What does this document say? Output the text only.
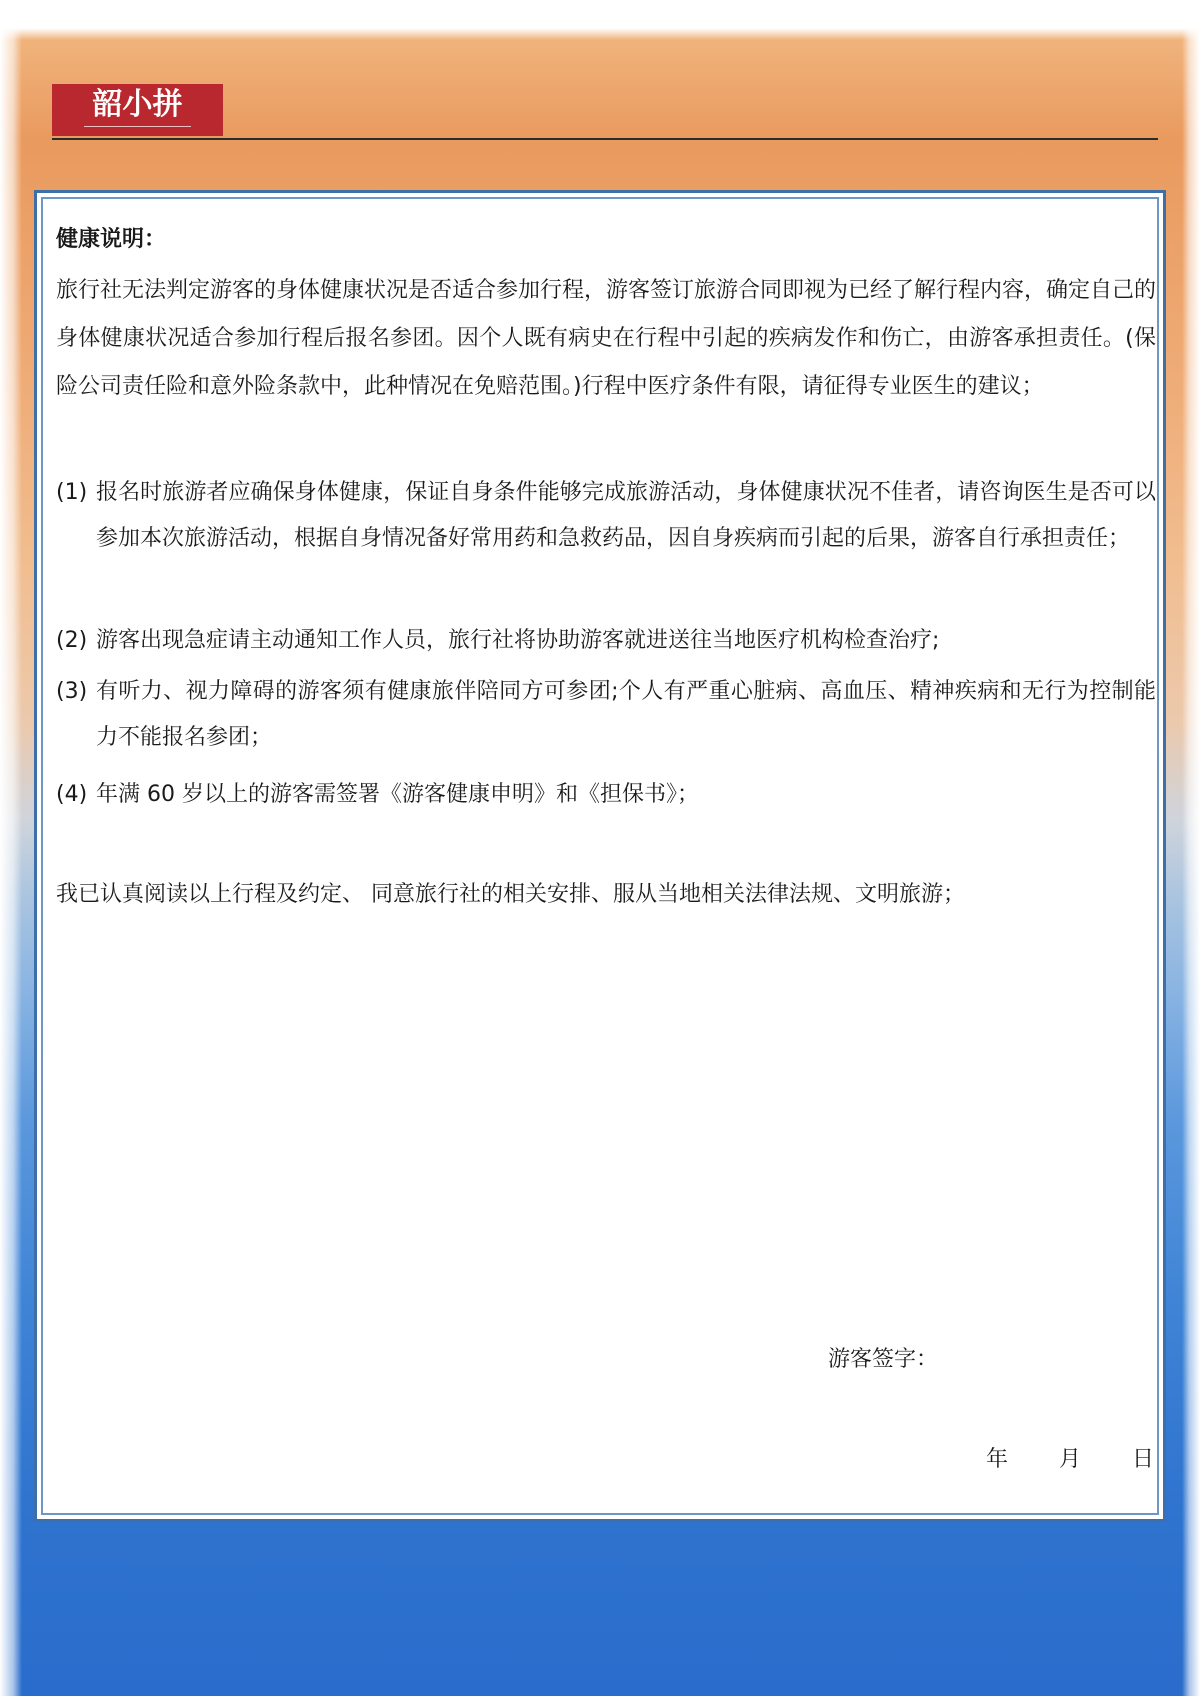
韶小拼
健康说明：

旅行社无法判定游客的身体健康状况是否适合参加行程，游客签订旅游合同即视为已经了解行程内容，确定自己的身体健康状况适合参加行程后报名参团。因个人既有病史在行程中引起的疾病发作和伤亡，由游客承担责任。(保险公司责任险和意外险条款中，此种情况在免赔范围。)行程中医疗条件有限，请征得专业医生的建议；

(1) 报名时旅游者应确保身体健康，保证自身条件能够完成旅游活动，身体健康状况不佳者，请咨询医生是否可以参加本次旅游活动，根据自身情况备好常用药和急救药品，因自身疾病而引起的后果，游客自行承担责任；
(2) 游客出现急症请主动通知工作人员，旅行社将协助游客就进送往当地医疗机构检查治疗;
(3) 有听力、视力障碍的游客须有健康旅伴陪同方可参团;个人有严重心脏病、高血压、精神疾病和无行为控制能力不能报名参团；
(4) 年满 60 岁以上的游客需签署《游客健康申明》和《担保书》；
我已认真阅读以上行程及约定、 同意旅行社的相关安排、服从当地相关法律法规、文明旅游；
游客签字：
年 月 日
